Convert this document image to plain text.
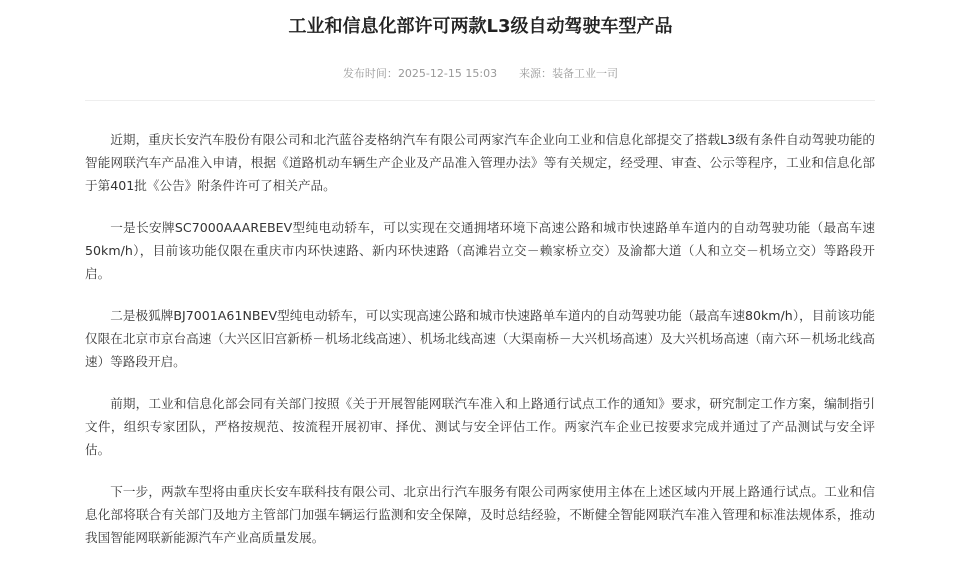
工业和信息化部许可两款L3级自动驾驶车型产品
发布时间：2025-12-15 15:03 来源：装备工业一司

近期，重庆长安汽车股份有限公司和北汽蓝谷麦格纳汽车有限公司两家汽车企业向工业和信息化部提交了搭载L3级有条件自动驾驶功能的智能网联汽车产品准入申请，根据《道路机动车辆生产企业及产品准入管理办法》等有关规定，经受理、审查、公示等程序，工业和信息化部于第401批《公告》附条件许可了相关产品。

一是长安牌SC7000AAAREBEV型纯电动轿车，可以实现在交通拥堵环境下高速公路和城市快速路单车道内的自动驾驶功能（最高车速50km/h），目前该功能仅限在重庆市内环快速路、新内环快速路（高滩岩立交－赖家桥立交）及渝都大道（人和立交－机场立交）等路段开启。

二是极狐牌BJ7001A61NBEV型纯电动轿车，可以实现高速公路和城市快速路单车道内的自动驾驶功能（最高车速80km/h），目前该功能仅限在北京市京台高速（大兴区旧宫新桥－机场北线高速）、机场北线高速（大渠南桥－大兴机场高速）及大兴机场高速（南六环－机场北线高速）等路段开启。

前期，工业和信息化部会同有关部门按照《关于开展智能网联汽车准入和上路通行试点工作的通知》要求，研究制定工作方案，编制指引文件，组织专家团队，严格按规范、按流程开展初审、择优、测试与安全评估工作。两家汽车企业已按要求完成并通过了产品测试与安全评估。

下一步，两款车型将由重庆长安车联科技有限公司、北京出行汽车服务有限公司两家使用主体在上述区域内开展上路通行试点。工业和信息化部将联合有关部门及地方主管部门加强车辆运行监测和安全保障，及时总结经验，不断健全智能网联汽车准入管理和标准法规体系，推动我国智能网联新能源汽车产业高质量发展。
